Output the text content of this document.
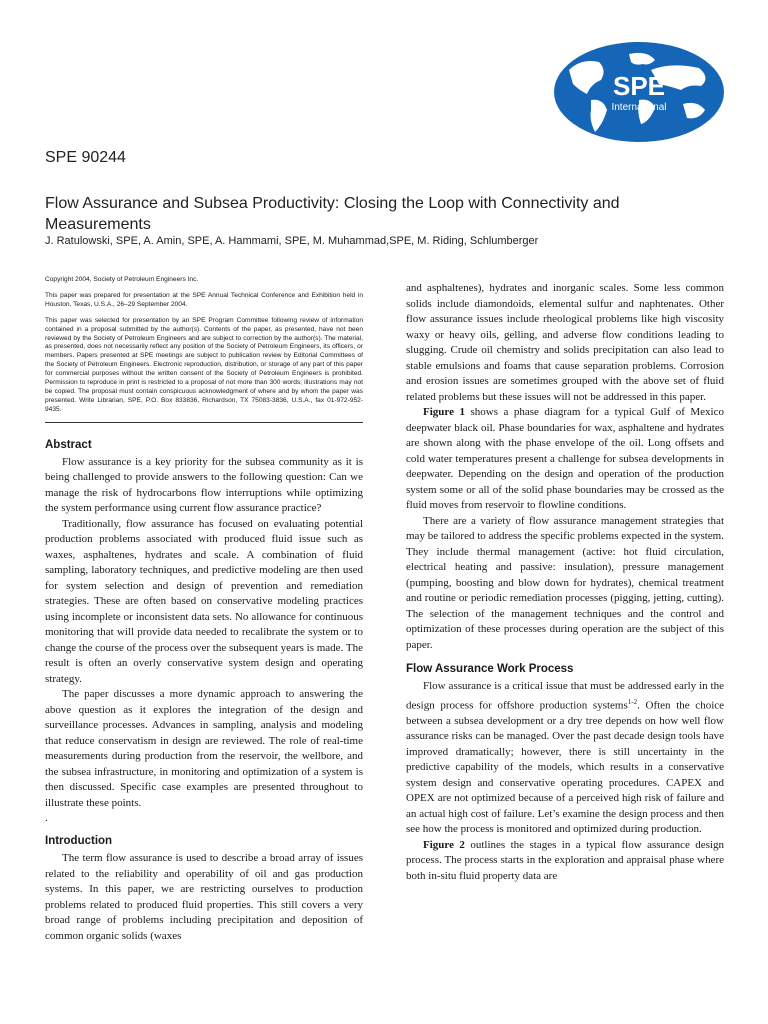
SPE
International
SPE 90244
Flow Assurance and Subsea Productivity: Closing the Loop with Connectivity and Measurements
J. Ratulowski, SPE, A. Amin, SPE, A. Hammami, SPE, M. Muhammad,SPE, M. Riding, Schlumberger

Copyright 2004, Society of Petroleum Engineers Inc.

This paper was prepared for presentation at the SPE Annual Technical Conference and Exhibition held in Houston, Texas, U.S.A., 26–29 September 2004.

This paper was selected for presentation by an SPE Program Committee following review of information contained in a proposal submitted by the author(s). Contents of the paper, as presented, have not been reviewed by the Society of Petroleum Engineers and are subject to correction by the author(s). The material, as presented, does not necessarily reflect any position of the Society of Petroleum Engineers, its officers, or members. Papers presented at SPE meetings are subject to publication review by Editorial Committees of the Society of Petroleum Engineers. Electronic reproduction, distribution, or storage of any part of this paper for commercial purposes without the written consent of the Society of Petroleum Engineers is prohibited. Permission to reproduce in print is restricted to a proposal of not more than 300 words; illustrations may not be copied. The proposal must contain conspicuous acknowledgment of where and by whom the paper was presented. Write Librarian, SPE, P.O. Box 833836, Richardson, TX 75083-3836, U.S.A., fax 01-972-952-9435.

Abstract

Flow assurance is a key priority for the subsea community as it is being challenged to provide answers to the following question: Can we manage the risk of hydrocarbons flow interruptions while optimizing the system performance using current flow assurance practice?

Traditionally, flow assurance has focused on evaluating potential production problems associated with produced fluid issue such as waxes, asphaltenes, hydrates and scale. A combination of fluid sampling, laboratory techniques, and predictive modeling are then used for system selection and design of prevention and remediation strategies. These are often based on conservative modeling practices using incomplete or inconsistent data sets. No allowance for continuous monitoring that will provide data needed to recalibrate the system or to change the course of the process over the subsequent years is made. The result is often an overly conservative system design and operating strategy.

The paper discusses a more dynamic approach to answering the above question as it explores the integration of the design and surveillance processes. Advances in sampling, analysis and modeling that reduce conservatism in design are reviewed. The role of real-time measurements during production from the reservoir, the wellbore, and the subsea infrastructure, in monitoring and optimization of a system is then discussed. Specific case examples are presented throughout to illustrate these points.

.

Introduction

The term flow assurance is used to describe a broad array of issues related to the reliability and operability of oil and gas production systems. In this paper, we are restricting ourselves to production problems related to produced fluid properties. This still covers a very broad range of problems including precipitation and deposition of common organic solids (waxes

and asphaltenes), hydrates and inorganic scales. Some less common solids include diamondoids, elemental sulfur and naphtenates. Other flow assurance issues include rheological problems like high viscosity waxy or heavy oils, gelling, and adverse flow conditions leading to slugging. Crude oil chemistry and solids precipitation can also lead to stable emulsions and foams that cause separation problems. Corrosion and erosion issues are sometimes grouped with the above set of fluid related problems but these issues will not be addressed in this paper.

Figure 1 shows a phase diagram for a typical Gulf of Mexico deepwater black oil. Phase boundaries for wax, asphaltene and hydrates are shown along with the phase envelope of the oil. Long offsets and cold water temperatures present a challenge for subsea developments in deepwater. Depending on the design and operation of the production system some or all of the solid phase boundaries may be crossed as the fluid moves from reservoir to flowline conditions.

There are a variety of flow assurance management strategies that may be tailored to address the specific problems expected in the system. They include thermal management (active: hot fluid circulation, electrical heating and passive: insulation), pressure management (pumping, boosting and blow down for hydrates), chemical treatment and routine or periodic remediation processes (pigging, jetting, cutting). The selection of the management techniques and the control and optimization of these processes during operation are the subject of this paper.

Flow Assurance Work Process

Flow assurance is a critical issue that must be addressed early in the design process for offshore production systems$^{1-2}$. Often the choice between a subsea development or a dry tree depends on how well flow assurance risks can be managed. Over the past decade design tools have improved dramatically; however, there is still uncertainty in the predictive capability of the models, which results in a conservative system design and conservative operating procedures. CAPEX and OPEX are not optimized because of a perceived high risk of failure and an actual high cost of failure. Let’s examine the design process and then see how the process is monitored and optimized during production.

Figure 2 outlines the stages in a typical flow assurance design process. The process starts in the exploration and appraisal phase where both in-situ fluid property data are
